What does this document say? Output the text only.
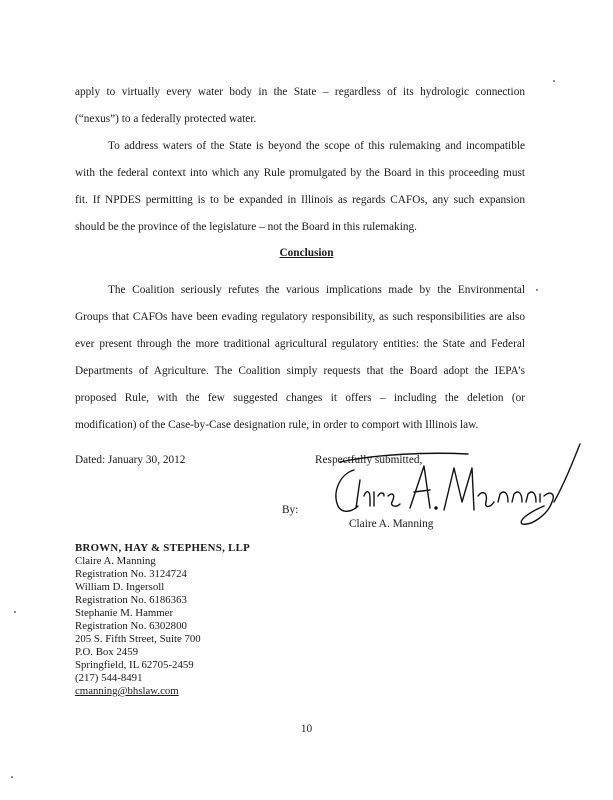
apply to virtually every water body in the State – regardless of its hydrologic connection
(“nexus”) to a federally protected water.
To address waters of the State is beyond the scope of this rulemaking and incompatible
with the federal context into which any Rule promulgated by the Board in this proceeding must
fit. If NPDES permitting is to be expanded in Illinois as regards CAFOs, any such expansion
should be the province of the legislature – not the Board in this rulemaking.
Conclusion
The Coalition seriously refutes the various implications made by the Environmental
Groups that CAFOs have been evading regulatory responsibility, as such responsibilities are also
ever present through the more traditional agricultural regulatory entities: the State and Federal
Departments of Agriculture. The Coalition simply requests that the Board adopt the IEPA’s
proposed Rule, with the few suggested changes it offers – including the deletion (or
modification) of the Case-by-Case designation rule, in order to comport with Illinois law.
Dated: January 30, 2012	Respectfully submitted,
By:
Claire A. Manning
BROWN, HAY & STEPHENS, LLP
Claire A. Manning
Registration No. 3124724
William D. Ingersoll
Registration No. 6186363
Stephanie M. Hammer
Registration No. 6302800
205 S. Fifth Street, Suite 700
P.O. Box 2459
Springfield, IL 62705-2459
(217) 544-8491
cmanning@bhslaw.com
10
